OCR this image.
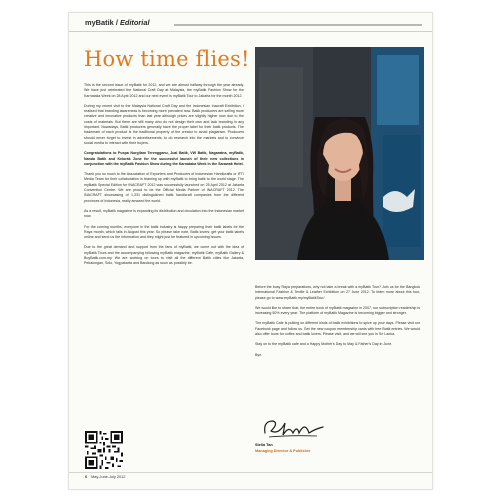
myBatik / Editorial
How time flies!

This is the second issue of myBatik for 2012, and we are almost halfway through the year already. We have just celebrated the National Craft Day at Malaysia, the myBatik Fashion Show for the Karnataka Week on 28 April 2012 and our next event is myBatik Tour to Jakarta for the month 2012.

During my recent visit to the Malaysia National Craft Day and the Indonesian Inacraft Exhibition, I realised that branding awareness is becoming more prevalent now. Batik producers are selling more creative and innovative products than last year although prices are slightly higher now due to the costs of materials. But there are still many who do not design their own and lack branding in any important. Nowadays, Batik producers generally have the proper label for their batik products. The trademark of each product is the traditional property of the creator to avoid plagiarism. Producers should never forget to invest in advertisements, to do research into the markets and to convince social media to interact with their buyers.

Congratulations to Puspa Nurgilam Terengganu, Jual Batik, VW Batik, Nagaratna, myBatik, Nanda Batik and Kelurak Zone for the successful launch of their new collections in conjunction with the myBatik Fashion Show during the Karnataka Week in the Sarawak Hotel.

Thank you so much to the Association of Exporters and Producers of Indonesian Handicrafts or IFTI Media Team for their collaboration in teaming up with myBatik to bring batik to the world stage. The myBatik Special Edition for INACRAFT 2012 was successfully launched on 25 April 2012 at Jakarta Convention Centre. We are proud to be the Official Media Partner of INACRAFT 2012. The INACRAFT showcasing of 1,331 distinguished batik handicraft companies from the different provinces of Indonesia, really amazed the world.

As a result, myBatik magazine is expanding its distribution and circulation into the Indonesian market now.

For the coming months, everyone in the batik industry is happy preparing their batik labels for the Raya month, which falls in August this year. So please take note, Batik lovers: get your batik labels online and send us the information and they might just be featured in upcoming issues.

Due to the great demand and support from the fans of myBatik, we come out with the idea of myBatik Tours and the accompanying following myBatik magazine, myBatik Cafe, myBatik Gallery & BuyBatik.com.my. We are working on tours to visit all the different Batik cities like Jakarta, Pekalongan, Solo, Yogyakarta and Bandung as soon as possibly be.

Before the busy Raya preparations, why not take a break with a myBatik Tour? Join us for the Bangkok International Fashion & Textile & Leather Exhibition on 27 June 2012. To learn more about this tour, please go to www.myBatik.my/myBatikTour/

We would like to share that, the entire book of myBatik magazine in 2007, our subscription readership is increasing 50% every year. The platform of myBatik Magazine is becoming bigger and stronger.

The myBatik Cafe is putting on different kinds of batik exhibitions to spice up your days. Please visit our Facebook page and follow us. Get the new coupon membership cards with free Batik entries. We would also offer tours for coffee and batik lovers. Please visit, and we will see you in Sri Lanka.

Stay on to the myBatik cafe and a Happy Mother's Day to May & Father's Day in June.

Bye.

Stella Tan
Managing Director & Publisher
6 May-June-July 2012
